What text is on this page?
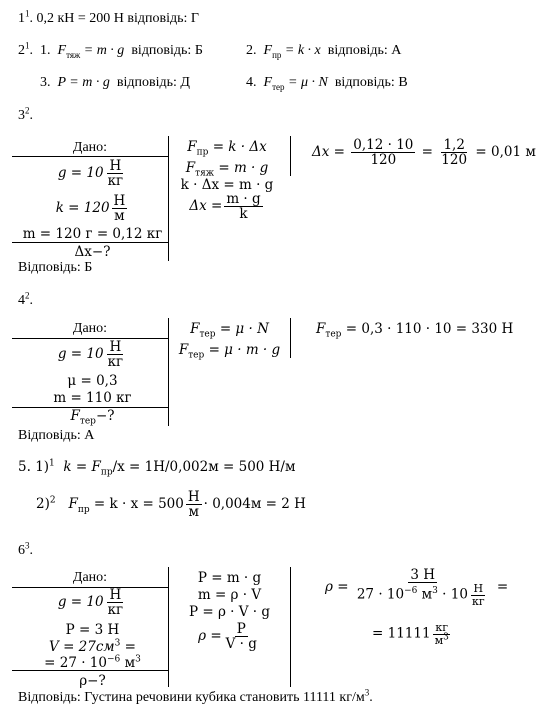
$1^1$. 0,2 кН = 200 Н відповідь: Г
$2^1$. 1. $F_{тяж} = m \cdot g$ відповідь: Б	2. $F_{пр} = k \cdot x$ відповідь: А
3. P = m · g відповідь: Д	4. $F_{тер} = \mu \cdot N$ відповідь: В
$3^2$.
Дано:
$g = 10 \frac{Н}{кг}$
$k = 120 \frac{Н}{м}$
m = 120 г = 0,12 кг
Δx−?
$F_{пр} = k \cdot \Delta x$
$F_{тяж} = m \cdot g$
k · Δx = m · g
$\Delta x = \frac{m \cdot g}{k}$
$\Delta x = \frac{0,12 \cdot 10}{120} = \frac{1,2}{120} = 0,01$ м
Відповідь: Б
$4^2$.
Дано:
$g = 10 \frac{Н}{кг}$
μ = 0,3
m = 110 кг
$F_{тер}-$?
$F_{тер} = \mu \cdot N$
$F_{тер} = \mu \cdot m \cdot g$
$F_{тер} = 0,3 \cdot 110 \cdot 10 = 330$ Н
Відповідь: А
5. 1)$^1$ $k = F_{пр}/x = 1Н/0,002м = 500$ Н/м
2)$^2$ $F_{пр} = k \cdot x = 500 \frac{Н}{м} \cdot 0,004м = 2$ Н
$6^3$.
Дано:
$g = 10 \frac{Н}{кг}$
P = 3 Н
$V = 27см^3$ =
= $27 \cdot 10^{-6}$ $м^3$
ρ−?
P = m · g
m = ρ · V
P = ρ · V · g
$\rho = \frac{P}{V \cdot g}$
$\rho = \frac{3 Н}{27 \cdot 10^{-6} м^3 \cdot 10 \frac{Н}{кг}}$ =
= $11111 \frac{кг}{м^3}$
Відповідь: Густина речовини кубика становить 11111 $кг/м^3$.
